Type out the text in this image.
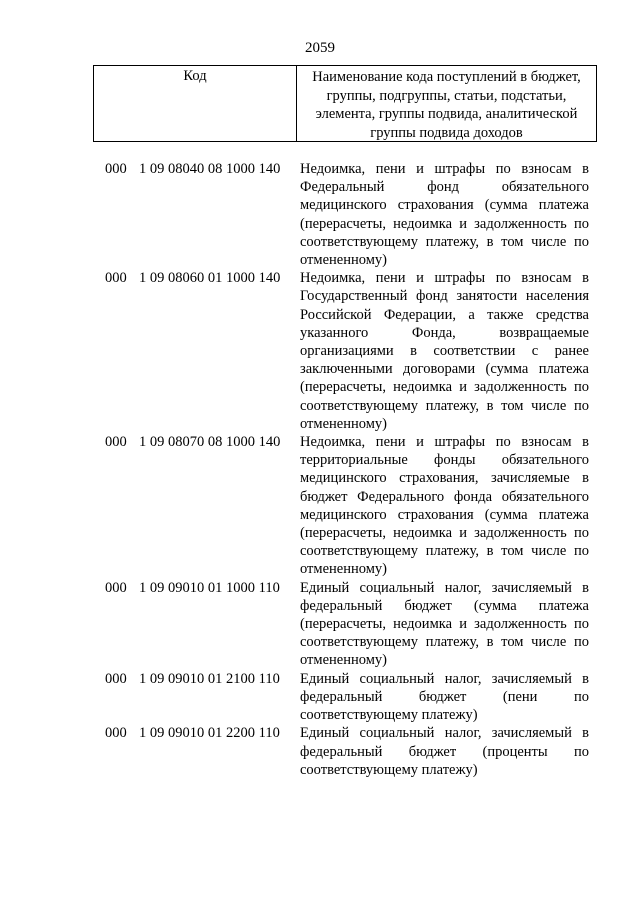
2059
Код	Наименование кода поступлений в бюджет, группы, подгруппы, статьи, подстатьи, элемента, группы подвида, аналитической группы подвида доходов
000 1 09 08040 08 1000 140	Недоимка, пени и штрафы по взносам в Федеральный фонд обязательного медицинского страхования (сумма платежа (перерасчеты, недоимка и задолженность по соответствующему платежу, в том числе по отмененному)
000 1 09 08060 01 1000 140	Недоимка, пени и штрафы по взносам в Государственный фонд занятости населения Российской Федерации, а также средства указанного Фонда, возвращаемые организациями в соответствии с ранее заключенными договорами (сумма платежа (перерасчеты, недоимка и задолженность по соответствующему платежу, в том числе по отмененному)
000 1 09 08070 08 1000 140	Недоимка, пени и штрафы по взносам в территориальные фонды обязательного медицинского страхования, зачисляемые в бюджет Федерального фонда обязательного медицинского страхования (сумма платежа (перерасчеты, недоимка и задолженность по соответствующему платежу, в том числе по отмененному)
000 1 09 09010 01 1000 110	Единый социальный налог, зачисляемый в федеральный бюджет (сумма платежа (перерасчеты, недоимка и задолженность по соответствующему платежу, в том числе по отмененному)
000 1 09 09010 01 2100 110	Единый социальный налог, зачисляемый в федеральный бюджет (пени по соответствующему платежу)
000 1 09 09010 01 2200 110	Единый социальный налог, зачисляемый в федеральный бюджет (проценты по соответствующему платежу)
